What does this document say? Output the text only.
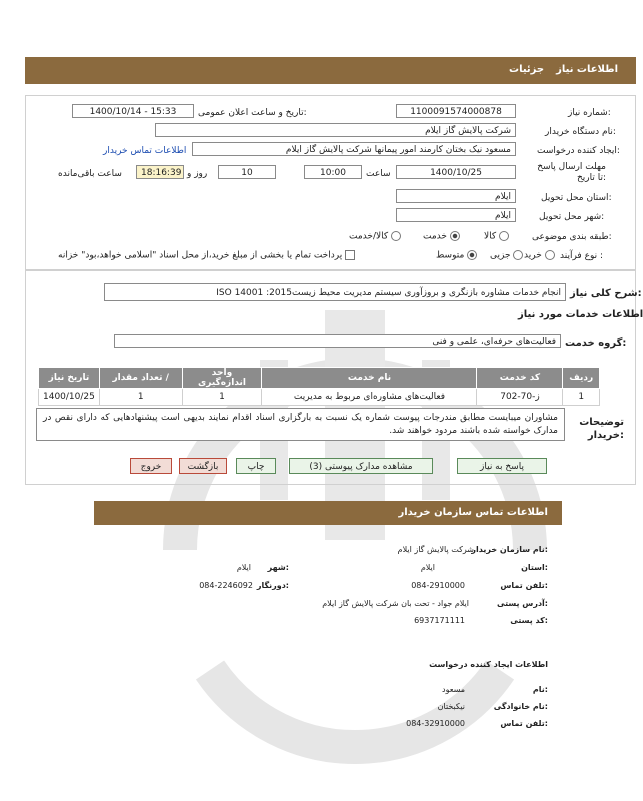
اطلاعات نیازجزئیات
شماره نیاز:
1100091574000878
تاریخ و ساعت اعلان عمومی:
1400/10/14 - 15:33
نام دستگاه خریدار:
شرکت پالایش گاز ایلام
ایجاد کننده درخواست:
مسعود نیک بختان کارمند امور پیمانها شرکت پالایش گاز ایلام
اطلاعات تماس خریدار
مهلت ارسال پاسخ تا تاریخ:
1400/10/25
ساعت
10:00
10
روز و
18:16:39
ساعت باقی‌مانده
استان محل تحویل:
ایلام
شهر محل تحویل:
ایلام
طبقه بندی موضوعی:
کالا
خدمت
کالا/خدمت
نوع فرآیند :
خرید
جزیی
متوسط
پرداخت تمام یا بخشی از مبلغ خرید،از محل اسناد "اسلامی خواهد،بود" خزانه
شرح کلی نیاز:
انجام خدمات مشاوره بازنگری و بروزآوری سیستم مدیریت محیط زیست2015: 14001 ISO
اطلاعات خدمات مورد نیاز
گروه خدمت:
فعالیت‌های حرفه‌ای، علمی و فنی
ردیف	کد خدمت	نام خدمت	واحد اندازه‌گیری	/ تعداد مقدار	تاریخ نیاز
1	ز-70-702	فعالیت‌های مشاوره‌ای مربوط به مدیریت	1	1	1400/10/25
توضیحات خریدار:
مشاوران میبایست مطابق مندرجات پیوست شماره یک نسبت به بارگزاری اسناد اقدام نمایند بدیهی است پیشنهادهایی که دارای نقص در مدارک خواسته شده باشند مردود خواهند شد.
پاسخ به نیاز
مشاهده مدارک پیوستی (3)
چاپ
بازگشت
خروج
اطلاعات تماس سازمان خریدار
نام سازمان خریدار:
شرکت پالایش گاز ایلام
استان:
ایلام
شهر:
ایلام
تلفن تماس:
084-2910000
دورنگار:
084-2246092
آدرس پستی:
ایلام جواد - تحت بان شرکت پالایش گاز ایلام
کد پستی:
6937171111
اطلاعات ایجاد کننده درخواست
نام:
مسعود
نام خانوادگی:
نیکبختان
تلفن تماس:
084-32910000
